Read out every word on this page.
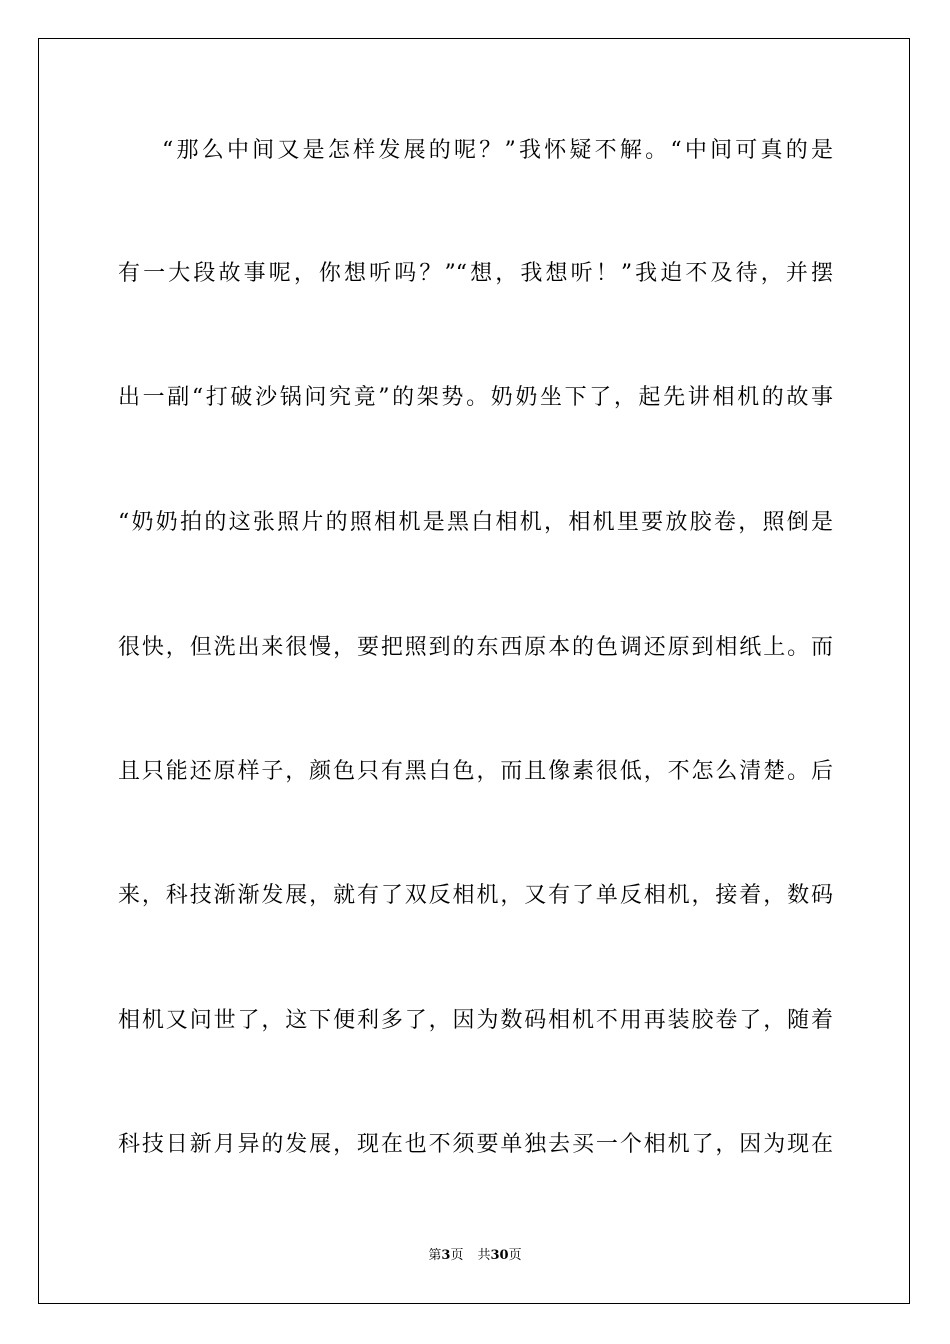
“那么中间又是怎样发展的呢？”我怀疑不解。“中间可真的是
有一大段故事呢，你想听吗？”“想，我想听！”我迫不及待，并摆
出一副“打破沙锅问究竟”的架势。奶奶坐下了，起先讲相机的故事
“奶奶拍的这张照片的照相机是黑白相机，相机里要放胶卷，照倒是
很快，但洗出来很慢，要把照到的东西原本的色调还原到相纸上。而
且只能还原样子，颜色只有黑白色，而且像素很低，不怎么清楚。后
来，科技渐渐发展，就有了双反相机，又有了单反相机，接着，数码
相机又问世了，这下便利多了，因为数码相机不用再装胶卷了，随着
科技日新月异的发展，现在也不须要单独去买一个相机了，因为现在
第3页 共30页
